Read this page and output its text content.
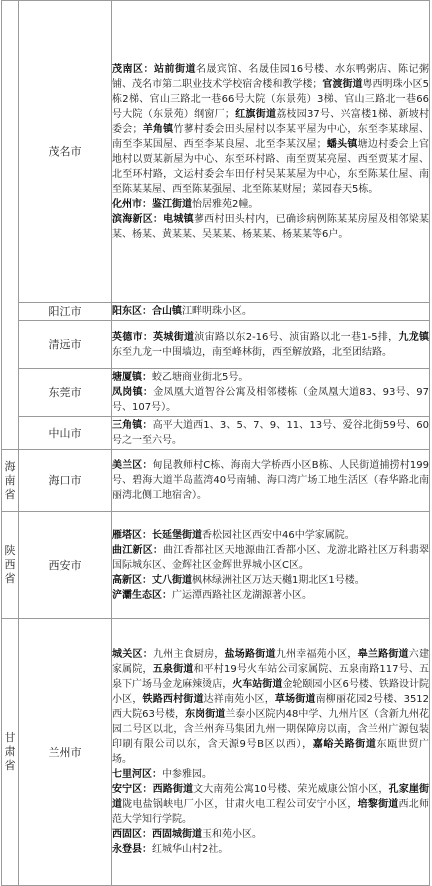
	茂名市	茂南区：站前街道名晟宾馆、名晟佳园16号楼、水东鸭粥店、陈记粥铺、茂名市第二职业技术学校宿舍楼和教学楼；官渡街道粤西明珠小区5栋2梯、官山三路北一巷66号大院（东景苑）3梯、官山三路北一巷66号大院（东景苑）纲窗厂；红旗街道荔枝园37号、兴富楼1梯、新坡村委会；羊角镇竹蓼村委会田头屋村以李某平屋为中心，东至李某球屋、南至李某国屋、西至李某良屋、北至李某汉屋；蟠头镇塘边村委会上官地村以贾某新屋为中心、东至环村路、南至贾某亮屋、西至贾某才屋、北至环村路，文运村委会车田仔村吴某某屋为中心，东至陈某仕屋、南至陈某某屋、西至陈某强屋、北至陈某财屋；菜园春天5栋。

化州市：鉴江街道怡居雅苑2幢。

滨海新区：电城镇蓼西村田头村内，已确诊病例陈某某房屋及相邻梁某某、杨某、黄某某、吴某某、杨某某、杨某某等6户。

	阳江市	阳东区：合山镇江畔明珠小区。

	清远市	英德市：英城街道浈宙路以东2-16号、浈宙路以北一巷1-5排，九龙镇东至九龙一中围墙边，南至峰林街，西至解放路，北至团结路。

	东莞市	塘厦镇：蛟乙塘商业街北5号。

凤岗镇：金凤凰大道智谷公寓及相邻楼栋（金凤凰大道83、93号、97号、107号）。

	中山市	三角镇：高平大道西1、3、5、7、9、11、13号、爱谷北街59号、60号之一至六号。

海南省	海口市	美兰区：甸昆教师村C栋、海南大学桥西小区B栋、人民街道捕捞村199号、碧海大道半岛蓝湾40号南辅、海口湾广场工地生活区（春华路北南丽湾北侧工地宿舍）。

陕西省	西安市	雁塔区：长延堡街道香松园社区西安中46中学家属院。

曲江新区：曲江香都社区天地源曲江香都小区、龙游北路社区万科翡翠国际城东区、金辉社区金辉世界城小区C区。

高新区：丈八街道枫林绿洲社区万达天樾1期北区1号楼。

浐灞生态区：广运潭西路社区龙湖源著小区。

甘肃省	兰州市	城关区：九州主食厨房，盐场路街道九州幸福苑小区，皋兰路街道六建家属院，五泉街道和平村19号火车站公司家属院、五泉南路117号、五泉下广场马金龙麻辣烫店，火车站街道金轮颐园小区6号楼、铁路设计院小区，铁路西村街道达祥南苑小区，草场街道南柳丽花园2号楼、3512西大院63号楼，东岗街道兰泰小区院内48中学、九州片区（含新九州花园二号区以北，含兰州奔马集团九州一期保障房以南，含兰州广源包装印刷有限公司以东，含天源9号B区以西），嘉峪关路街道东瓯世贸广场。

七里河区：中参雅园。

安宁区：西路街道文大南苑公寓10号楼、荣光威康公馆小区，孔家崖街道陇电盐锅峡电厂小区，甘肃火电工程公司安宁小区，培黎街道西北师范大学知行学院。

西固区：西固城街道玉和苑小区。

永登县：红城华山村2社。
